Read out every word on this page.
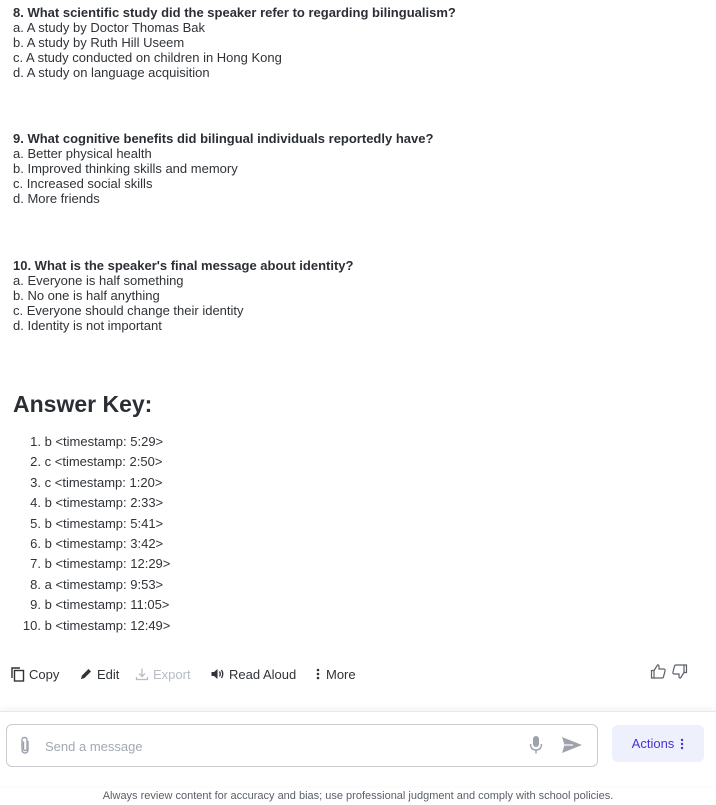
8. What scientific study did the speaker refer to regarding bilingualism?
a. A study by Doctor Thomas Bak
b. A study by Ruth Hill Useem
c. A study conducted on children in Hong Kong
d. A study on language acquisition
9. What cognitive benefits did bilingual individuals reportedly have?
a. Better physical health
b. Improved thinking skills and memory
c. Increased social skills
d. More friends
10. What is the speaker's final message about identity?
a. Everyone is half something
b. No one is half anything
c. Everyone should change their identity
d. Identity is not important
Answer Key:
1.
b <timestamp: 5:29>
2.
c <timestamp: 2:50>
3.
c <timestamp: 1:20>
4.
b <timestamp: 2:33>
5.
b <timestamp: 5:41>
6.
b <timestamp: 3:42>
7.
b <timestamp: 12:29>
8.
a <timestamp: 9:53>
9.
b <timestamp: 11:05>
10.
b <timestamp: 12:49>
Copy	Edit	Export	Read Aloud More
Send a message
Actions
Always review content for accuracy and bias; use professional judgment and comply with school policies.
